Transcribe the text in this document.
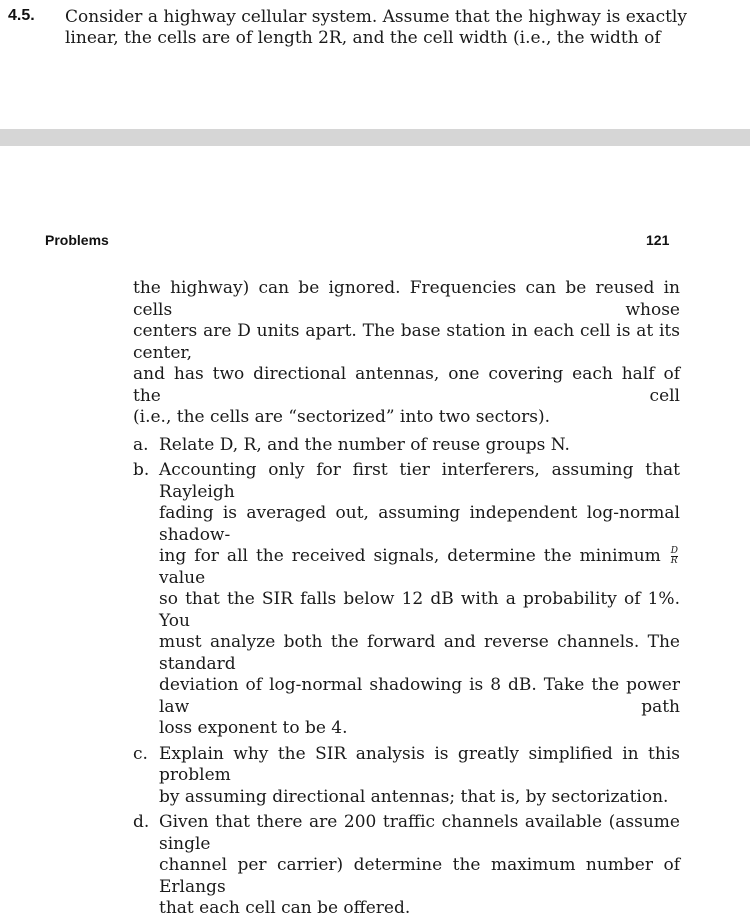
4.5. Consider a highway cellular system. Assume that the highway is exactly
linear, the cells are of length 2R, and the cell width (i.e., the width of
Problems	121
the highway) can be ignored. Frequencies can be reused in cells whose
centers are D units apart. The base station in each cell is at its center,
and has two directional antennas, one covering each half of the cell
(i.e., the cells are “sectorized” into two sectors).
a. Relate D, R, and the number of reuse groups N.
b. Accounting only for first tier interferers, assuming that Rayleigh
fading is averaged out, assuming independent log-normal shadow-
ing for all the received signals, determine the minimum $\frac{D}{R}$
value
so that the SIR falls below 12 dB with a probability of 1%. You
must analyze both the forward and reverse channels. The standard
deviation of log-normal shadowing is 8 dB. Take the power law path
loss exponent to be 4.
c. Explain why the SIR analysis is greatly simplified in this problem
by assuming directional antennas; that is, by sectorization.
d. Given that there are 200 traffic channels available (assume single
channel per carrier) determine the maximum number of Erlangs
that each cell can be offered.
